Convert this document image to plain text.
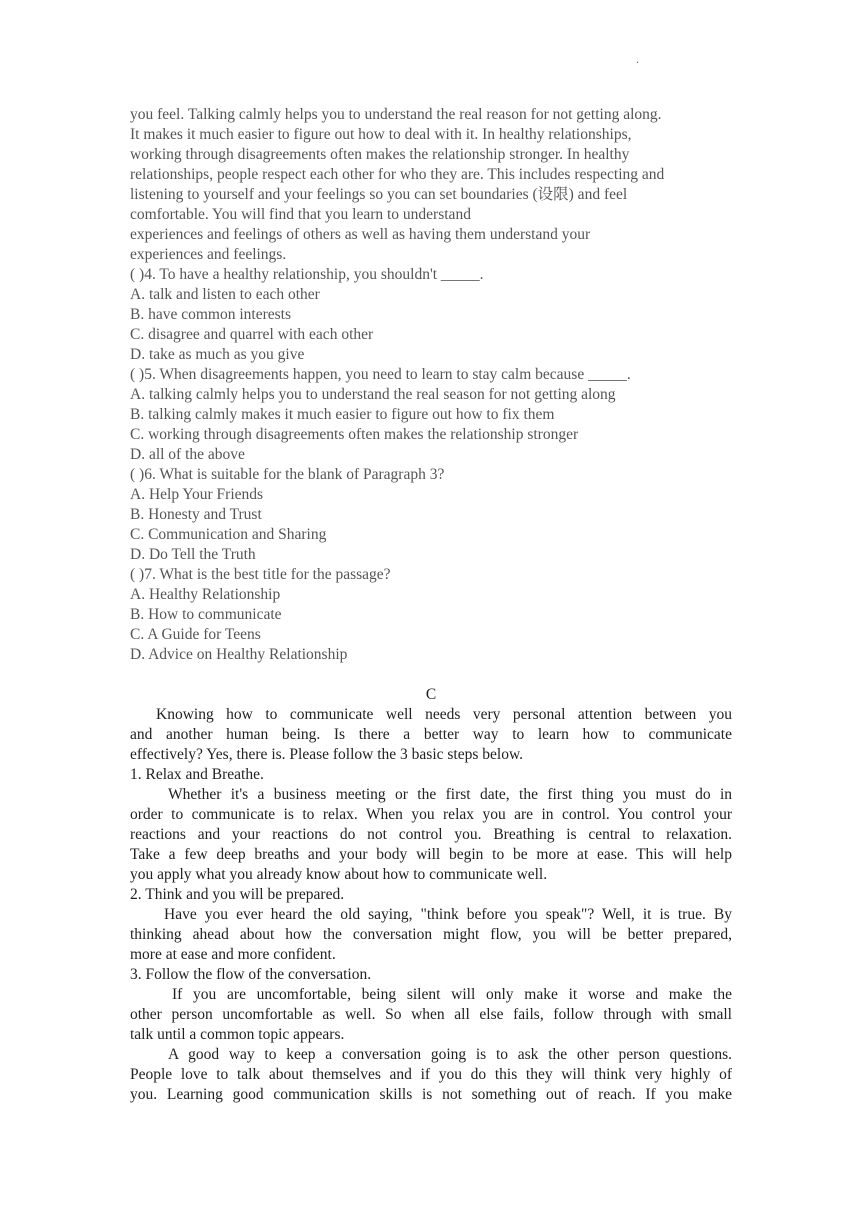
.
you feel. Talking calmly helps you to understand the real reason for not getting along.
It makes it much easier to figure out how to deal with it. In healthy relationships,
working through disagreements often makes the relationship stronger. In healthy
relationships, people respect each other for who they are. This includes respecting and
listening to yourself and your feelings so you can set boundaries (设限) and feel
comfortable. You will find that you learn to understand
experiences and feelings of others as well as having them understand your
experiences and feelings.
( )4. To have a healthy relationship, you shouldn't _____.
A. talk and listen to each other
B. have common interests
C. disagree and quarrel with each other
D. take as much as you give
( )5. When disagreements happen, you need to learn to stay calm because _____.
A. talking calmly helps you to understand the real season for not getting along
B. talking calmly makes it much easier to figure out how to fix them
C. working through disagreements often makes the relationship stronger
D. all of the above
( )6. What is suitable for the blank of Paragraph 3?
A. Help Your Friends
B. Honesty and Trust
C. Communication and Sharing
D. Do Tell the Truth
( )7. What is the best title for the passage?
A. Healthy Relationship
B. How to communicate
C. A Guide for Teens
D. Advice on Healthy Relationship
C
Knowing how to communicate well needs very personal attention between you
and another human being. Is there a better way to learn how to communicate
effectively? Yes, there is. Please follow the 3 basic steps below.
1. Relax and Breathe.
Whether it's a business meeting or the first date, the first thing you must do in
order to communicate is to relax. When you relax you are in control. You control your
reactions and your reactions do not control you. Breathing is central to relaxation.
Take a few deep breaths and your body will begin to be more at ease. This will help
you apply what you already know about how to communicate well.
2. Think and you will be prepared.
Have you ever heard the old saying, "think before you speak"? Well, it is true. By
thinking ahead about how the conversation might flow, you will be better prepared,
more at ease and more confident.
3. Follow the flow of the conversation.
If you are uncomfortable, being silent will only make it worse and make the
other person uncomfortable as well. So when all else fails, follow through with small
talk until a common topic appears.
A good way to keep a conversation going is to ask the other person questions.
People love to talk about themselves and if you do this they will think very highly of
you. Learning good communication skills is not something out of reach. If you make
